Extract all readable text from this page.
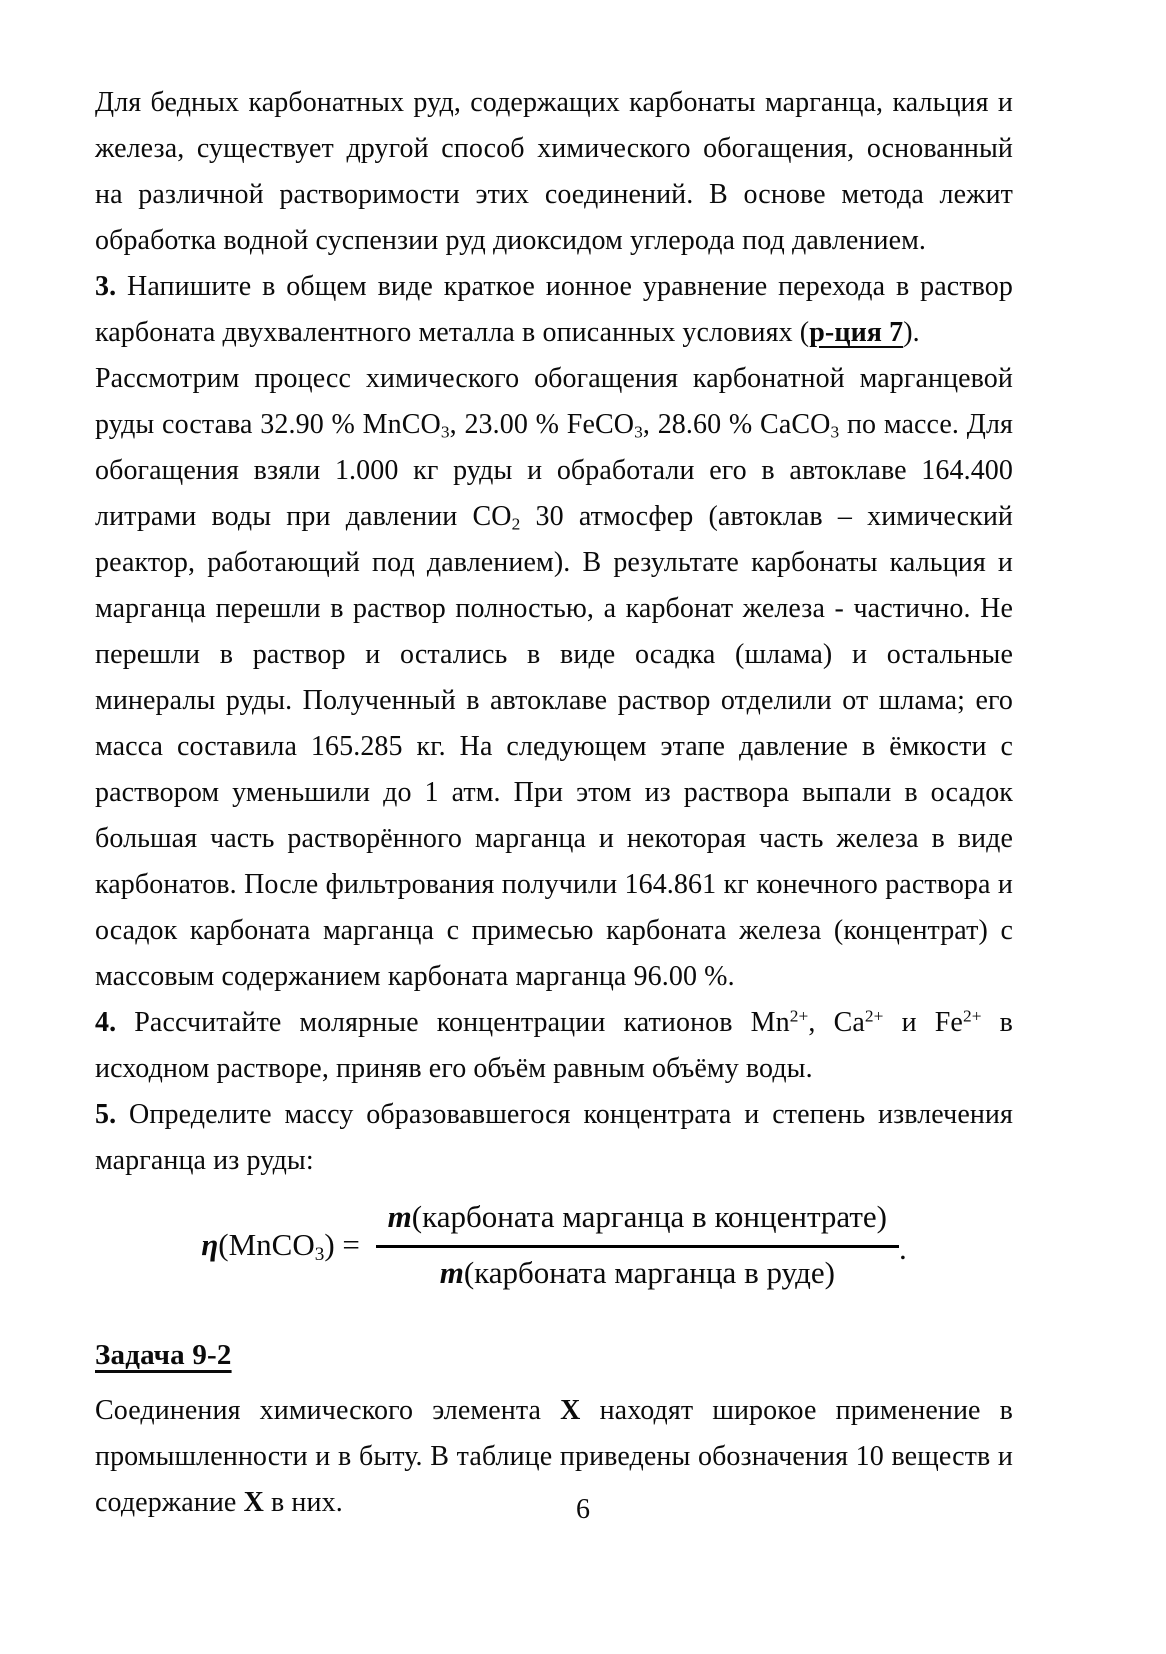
Для бедных карбонатных руд, содержащих карбонаты марганца, кальция и железа, существует другой способ химического обогащения, основанный на различной растворимости этих соединений. В основе метода лежит обработка водной суспензии руд диоксидом углерода под давлением.

3. Напишите в общем виде краткое ионное уравнение перехода в раствор карбоната двухвалентного металла в описанных условиях (р-ция 7).

Рассмотрим процесс химического обогащения карбонатной марганцевой руды состава 32.90 % MnCO$_3$, 23.00 % FeCO$_3$, 28.60 % CaCO$_3$ по массе. Для обогащения взяли 1.000 кг руды и обработали его в автоклаве 164.400 литрами воды при давлении $CO_2$ 30 атмосфер (автоклав – химический реактор, работающий под давлением). В результате карбонаты кальция и марганца перешли в раствор полностью, а карбонат железа - частично. Не перешли в раствор и остались в виде осадка (шлама) и остальные минералы руды. Полученный в автоклаве раствор отделили от шлама; его масса составила 165.285 кг. На следующем этапе давление в ёмкости с раствором уменьшили до 1 атм. При этом из раствора выпали в осадок большая часть растворённого марганца и некоторая часть железа в виде карбонатов. После фильтрования получили 164.861 кг конечного раствора и осадок карбоната марганца с примесью карбоната железа (концентрат) с массовым содержанием карбоната марганца 96.00 %.

4. Рассчитайте молярные концентрации катионов $Mn^{2+}$, $Ca^{2+}$ и $Fe^{2+}$ в исходном растворе, приняв его объём равным объёму воды.

5. Определите массу образовавшегося концентрата и степень извлечения марганца из руды:

η(MnCO$_3$) = $\frac{\text{m(карбоната марганца в концентрате)}}{\text{m(карбоната марганца в руде)}}$ .
Задача 9-2

Соединения химического элемента X находят широкое применение в промышленности и в быту. В таблице приведены обозначения 10 веществ и содержание X в них.	6
